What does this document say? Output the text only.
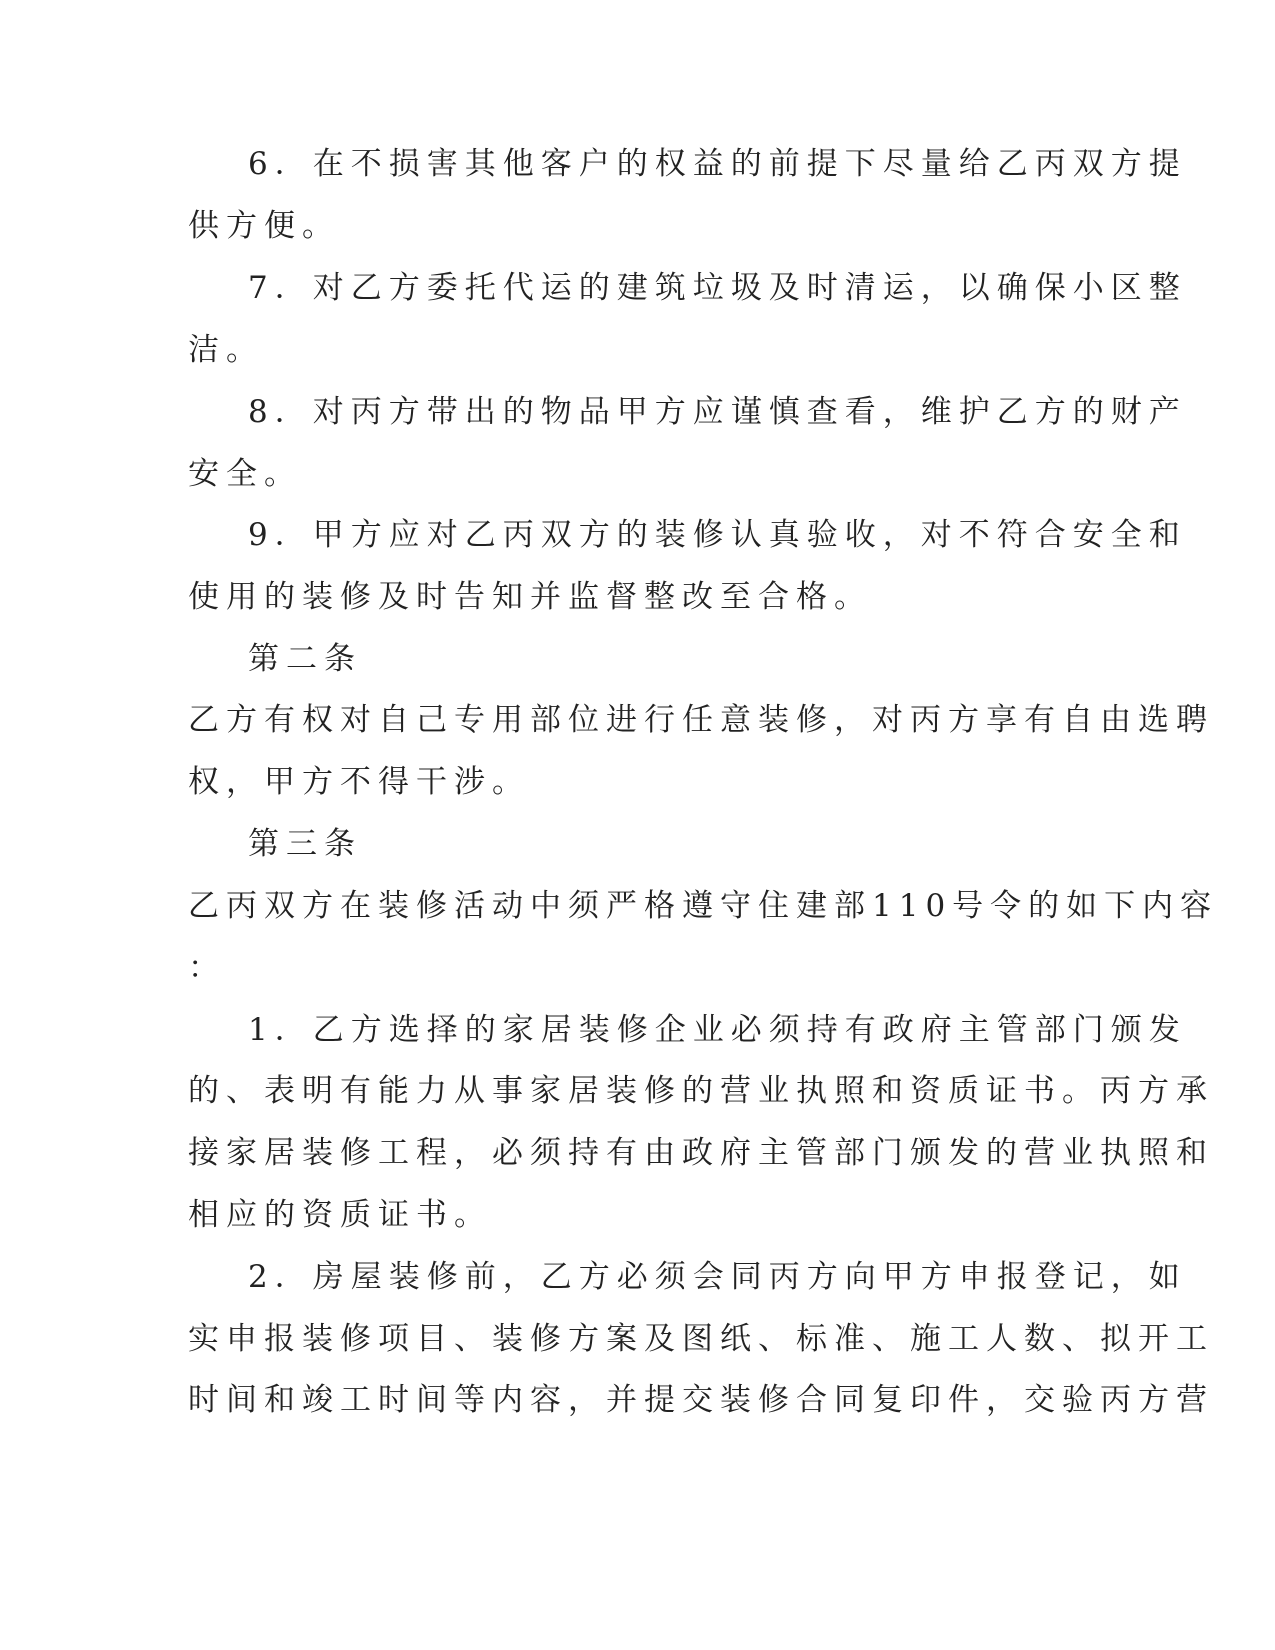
6．在不损害其他客户的权益的前提下尽量给乙丙双方提

供方便。

7．对乙方委托代运的建筑垃圾及时清运，以确保小区整

洁。

8．对丙方带出的物品甲方应谨慎查看，维护乙方的财产

安全。

9．甲方应对乙丙双方的装修认真验收，对不符合安全和

使用的装修及时告知并监督整改至合格。

第二条

乙方有权对自己专用部位进行任意装修，对丙方享有自由选聘

权，甲方不得干涉。

第三条

乙丙双方在装修活动中须严格遵守住建部110号令的如下内容

：

1．乙方选择的家居装修企业必须持有政府主管部门颁发

的、表明有能力从事家居装修的营业执照和资质证书。丙方承

接家居装修工程，必须持有由政府主管部门颁发的营业执照和

相应的资质证书。

2．房屋装修前，乙方必须会同丙方向甲方申报登记，如

实申报装修项目、装修方案及图纸、标准、施工人数、拟开工

时间和竣工时间等内容，并提交装修合同复印件，交验丙方营
